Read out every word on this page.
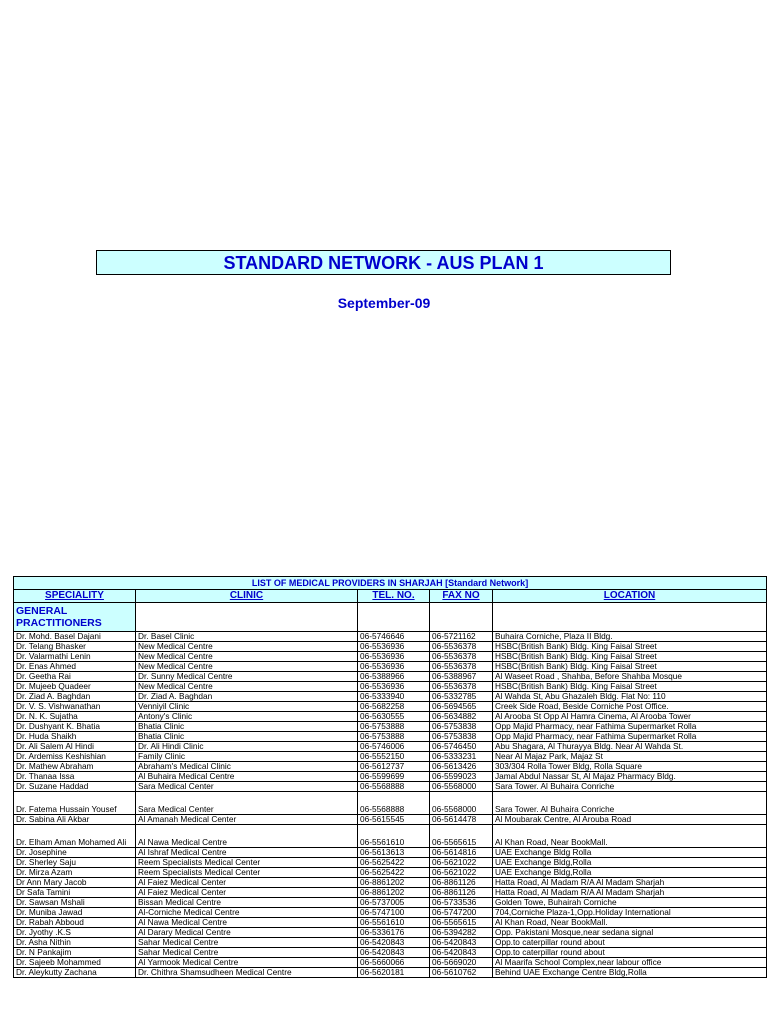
STANDARD NETWORK - AUS PLAN 1
September-09
LIST OF MEDICAL PROVIDERS IN SHARJAH [Standard Network]				
SPECIALITY	CLINIC	TEL. NO.	FAX NO	LOCATION
GENERAL PRACTITIONERS				
Dr. Mohd. Basel Dajani	Dr. Basel Clinic	06-5746646	06-5721162	Buhaira Corniche, Plaza II Bldg.
Dr. Telang Bhasker	New Medical Centre	06-5536936	06-5536378	HSBC(British Bank) Bldg. King Faisal Street
Dr. Valarmathi Lenin	New Medical Centre	06-5536936	06-5536378	HSBC(British Bank) Bldg. King Faisal Street
Dr. Enas Ahmed	New Medical Centre	06-5536936	06-5536378	HSBC(British Bank) Bldg. King Faisal Street
Dr. Geetha Rai	Dr. Sunny Medical Centre	06-5388966	06-5388967	Al Waseet Road , Shahba, Before Shahba Mosque
Dr. Mujeeb Quadeer	New Medical Centre	06-5536936	06-5536378	HSBC(British Bank) Bldg. King Faisal Street
Dr. Ziad A. Baghdan	Dr. Ziad A. Baghdan	06-5333940	06-5332785	Al Wahda St, Abu Ghazaleh Bldg. Flat No: 110
Dr. V. S. Vishwanathan	Venniyil Clinic	06-5682258	06-5694565	Creek Side Road, Beside Corniche Post Office.
Dr. N. K. Sujatha	Antony's Clinic	06-5630555	06-5634882	Al Arooba St Opp Al Hamra Cinema, Al Arooba Tower
Dr. Dushyant K. Bhatia	Bhatia Clinic	06-5753888	06-5753838	Opp Majid Pharmacy, near Fathima Supermarket Rolla
Dr. Huda Shaikh	Bhatia Clinic	06-5753888	06-5753838	Opp Majid Pharmacy, near Fathima Supermarket Rolla
Dr. Ali Salem Al Hindi	Dr. Ali Hindi Clinic	06-5746006	06-5746450	Abu Shagara, Al Thurayya Bldg. Near Al Wahda St.
Dr. Ardemiss Keshishian	Family Clinic	06-5552150	06-5333231	Near Al Majaz Park, Majaz St
Dr. Mathew Abraham	Abraham's Medical Clinic	06-5612737	06-5613426	303/304 Rolla Tower Bldg, Rolla Square
Dr. Thanaa Issa	Al Buhaira Medical Centre	06-5599699	06-5599023	Jamal Abdul Nassar St, Al Majaz Pharmacy Bldg.
Dr. Suzane Haddad	Sara Medical Center	06-5568888	06-5568000	Sara Tower. Al Buhaira Conriche
Dr. Fatema Hussain Yousef	Sara Medical Center	06-5568888	06-5568000	Sara Tower. Al Buhaira Conriche
Dr. Sabina Ali Akbar	Al Amanah Medical Center	06-5615545	06-5614478	Al Moubarak Centre, Al Arouba Road
Dr. Elham Aman Mohamed Ali	Al Nawa Medical Centre	06-5561610	06-5565615	Al Khan Road, Near BookMall.
Dr. Josephine	Al Ishraf Medical Centre	06-5613613	06-5614816	UAE Exchange Bldg Rolla
Dr. Sherley Saju	Reem Specialists Medical Center	06-5625422	06-5621022	UAE Exchange Bldg,Rolla
Dr. Mirza Azam	Reem Specialists Medical Center	06-5625422	06-5621022	UAE Exchange Bldg,Rolla
Dr Ann Mary Jacob	Al Faiez Medical Center	06-8861202	06-8861126	Hatta Road, Al Madam R/A Al Madam Sharjah
Dr Safa Tamini	Al Faiez Medical Center	06-8861202	06-8861126	Hatta Road, Al Madam R/A Al Madam Sharjah
Dr. Sawsan Mshali	Bissan Medical Centre	06-5737005	06-5733536	Golden Towe, Buhairah Corniche
Dr. Muniba Jawad	Al-Corniche Medical Centre	06-5747100	06-5747200	704,Corniche Plaza-1,Opp.Holiday International
Dr. Rabah Abboud	Al Nawa Medical Centre	06-5561610	06-5565615	Al Khan Road, Near BookMall.
Dr. Jyothy .K.S	Al Darary Medical Centre	06-5336176	06-5394282	Opp. Pakistani Mosque,near sedana signal
Dr. Asha Nithin	Sahar Medical Centre	06-5420843	06-5420843	Opp.to caterpillar round about
Dr. N Pankajim	Sahar Medical Centre	06-5420843	06-5420843	Opp.to caterpillar round about
Dr. Sajeeb Mohammed	Al Yarmook Medical Centre	06-5660066	06-5669020	Al Maarifa School Complex,near labour office
Dr. Aleykutty Zachana	Dr. Chithra Shamsudheen Medical Centre	06-5620181	06-5610762	Behind UAE Exchange Centre Bldg,Rolla
